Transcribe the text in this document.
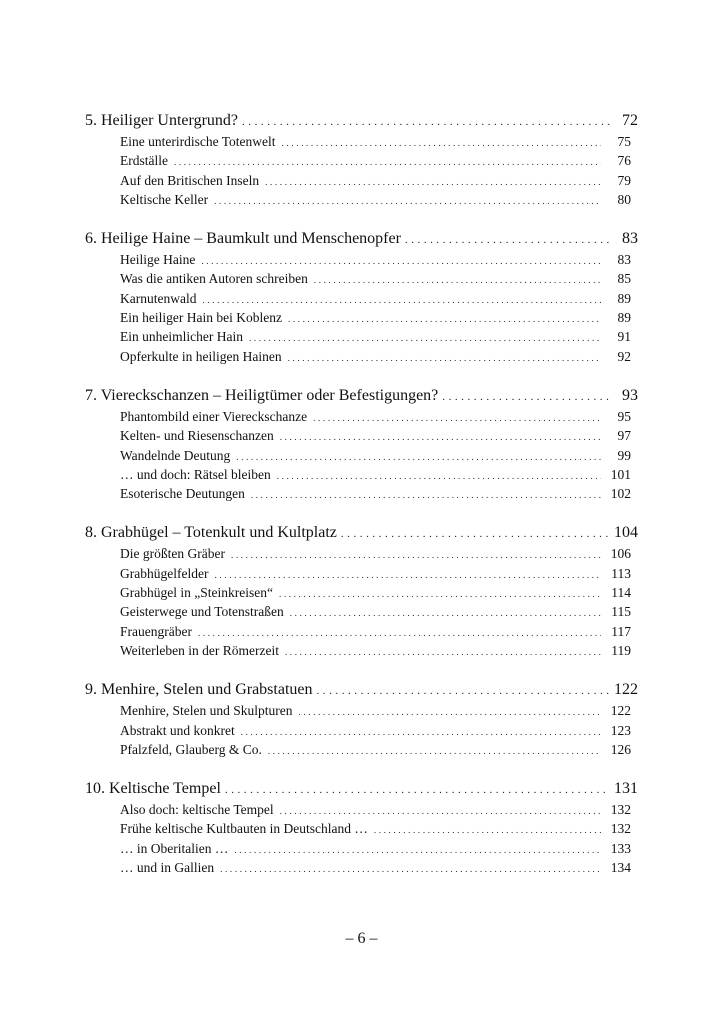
5. Heiliger Untergrund? . . .	72
Eine unterirdische Totenwelt . . .	75
Erdställe . . .	76
Auf den Britischen Inseln . . .	79
Keltische Keller . . .	80
6. Heilige Haine – Baumkult und Menschenopfer . . .	83
Heilige Haine . . .	83
Was die antiken Autoren schreiben . . .	85
Karnutenwald . . .	89
Ein heiliger Hain bei Koblenz . . .	89
Ein unheimlicher Hain . . .	91
Opferkulte in heiligen Hainen . . .	92
7. Viereckschanzen – Heiligtümer oder Befestigungen? . . .	93
Phantombild einer Viereckschanze . . .	95
Kelten- und Riesenschanzen . . .	97
Wandelnde Deutung . . .	99
… und doch: Rätsel bleiben . . .	101
Esoterische Deutungen . . .	102
8. Grabhügel – Totenkult und Kultplatz . . .	104
Die größten Gräber . . .	106
Grabhügelfelder . . .	113
Grabhügel in „Steinkreisen“ . . .	114
Geisterwege und Totenstraßen . . .	115
Frauengräber . . .	117
Weiterleben in der Römerzeit . . .	119
9. Menhire, Stelen und Grabstatuen . . .	122
Menhire, Stelen und Skulpturen . . .	122
Abstrakt und konkret . . .	123
Pfalzfeld, Glauberg & Co. . . .	126
10. Keltische Tempel . . .	131
Also doch: keltische Tempel . . .	132
Frühe keltische Kultbauten in Deutschland … . . .	132
… in Oberitalien … . . .	133
… und in Gallien . . .	134
– 6 –
